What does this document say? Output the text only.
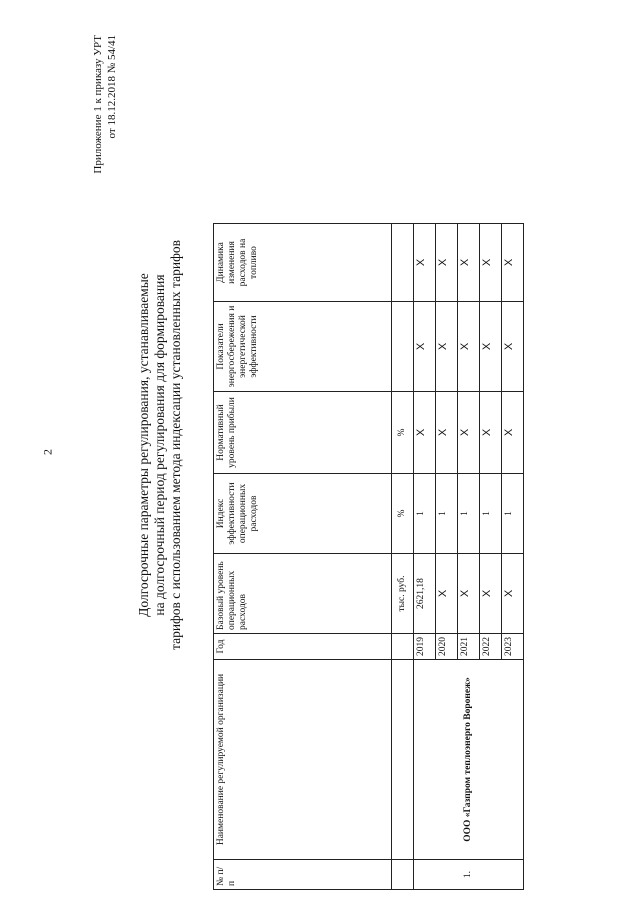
2
Приложение 1 к приказу УРТ от 18.12.2018 № 54/41
Долгосрочные параметры регулирования, устанавливаемые на долгосрочный период регулирования для формирования тарифов с использованием метода индексации установленных тарифов
№ п/п	Наименование регулируемой организации	Год	Базовый уровень операционных расходов	Индекс эффективности операционных расходов	Нормативный уровень прибыли	Показатели энергосбережения и энергетической эффективности	Динамика изменения расходов на топливо
			тыс. руб.	%	%		
1.	ООО «Газпром теплоэнерго Воронеж»	2019	2621,18	1	X	X	X
		2020	X	1	X	X	X
		2021	X	1	X	X	X
		2022	X	1	X	X	X
		2023	X	1	X	X	X
